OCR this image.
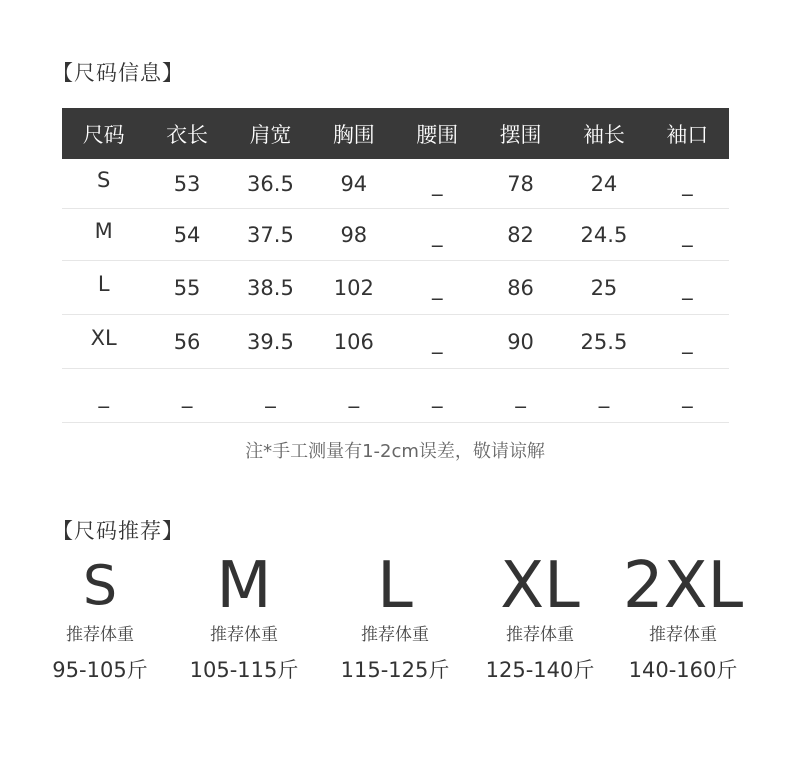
【尺码信息】
尺码	衣长	肩宽	胸围	腰围	摆围	袖长	袖口
S	53	36.5	94	_	78	24	_
M	54	37.5	98	_	82	24.5	_
L	55	38.5	102	_	86	25	_
XL	56	39.5	106	_	90	25.5	_
_	_	_	_	_	_	_	_
注*手工测量有1-2cm误差，敬请谅解
【尺码推荐】
S
推荐体重
95-105斤
M
推荐体重
105-115斤
L
推荐体重
115-125斤
XL
推荐体重
125-140斤
2XL
推荐体重
140-160斤
